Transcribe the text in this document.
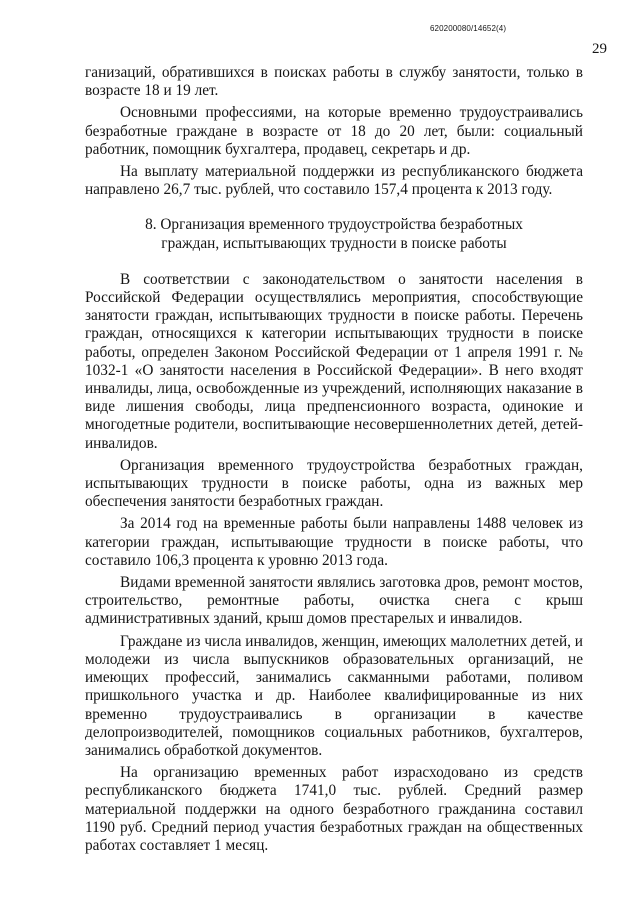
620200080/14652(4)
29

ганизаций, обратившихся в поисках работы в службу занятости, только в возрасте 18 и 19 лет.

Основными профессиями, на которые временно трудоустраивались безработные граждане в возрасте от 18 до 20 лет, были: социальный работник, помощник бухгалтера, продавец, секретарь и др.

На выплату материальной поддержки из республиканского бюджета направлено 26,7 тыс. рублей, что составило 157,4 процента к 2013 году.

8. Организация временного трудоустройства безработных
граждан, испытывающих трудности в поиске работы

В соответствии с законодательством о занятости населения в Российской Федерации осуществлялись мероприятия, способствующие занятости граждан, испытывающих трудности в поиске работы. Перечень граждан, относящихся к категории испытывающих трудности в поиске работы, определен Законом Российской Федерации от 1 апреля 1991 г. № 1032-1 «О занятости населения в Российской Федерации». В него входят инвалиды, лица, освобожденные из учреждений, исполняющих наказание в виде лишения свободы, лица предпенсионного возраста, одинокие и многодетные родители, воспитывающие несовершеннолетних детей, детей-инвалидов.

Организация временного трудоустройства безработных граждан, испытывающих трудности в поиске работы, одна из важных мер обеспечения занятости безработных граждан.

За 2014 год на временные работы были направлены 1488 человек из категории граждан, испытывающие трудности в поиске работы, что составило 106,3 процента к уровню 2013 года.

Видами временной занятости являлись заготовка дров, ремонт мостов, строительство, ремонтные работы, очистка снега с крыш административных зданий, крыш домов престарелых и инвалидов.

Граждане из числа инвалидов, женщин, имеющих малолетних детей, и молодежи из числа выпускников образовательных организаций, не имеющих профессий, занимались сакманными работами, поливом пришкольного участка и др. Наиболее квалифицированные из них временно трудоустраивались в организации в качестве делопроизводителей, помощников социальных работников, бухгалтеров, занимались обработкой документов.

На организацию временных работ израсходовано из средств республиканского бюджета 1741,0 тыс. рублей. Средний размер материальной поддержки на одного безработного гражданина составил 1190 руб. Средний период участия безработных граждан на общественных работах составляет 1 месяц.
